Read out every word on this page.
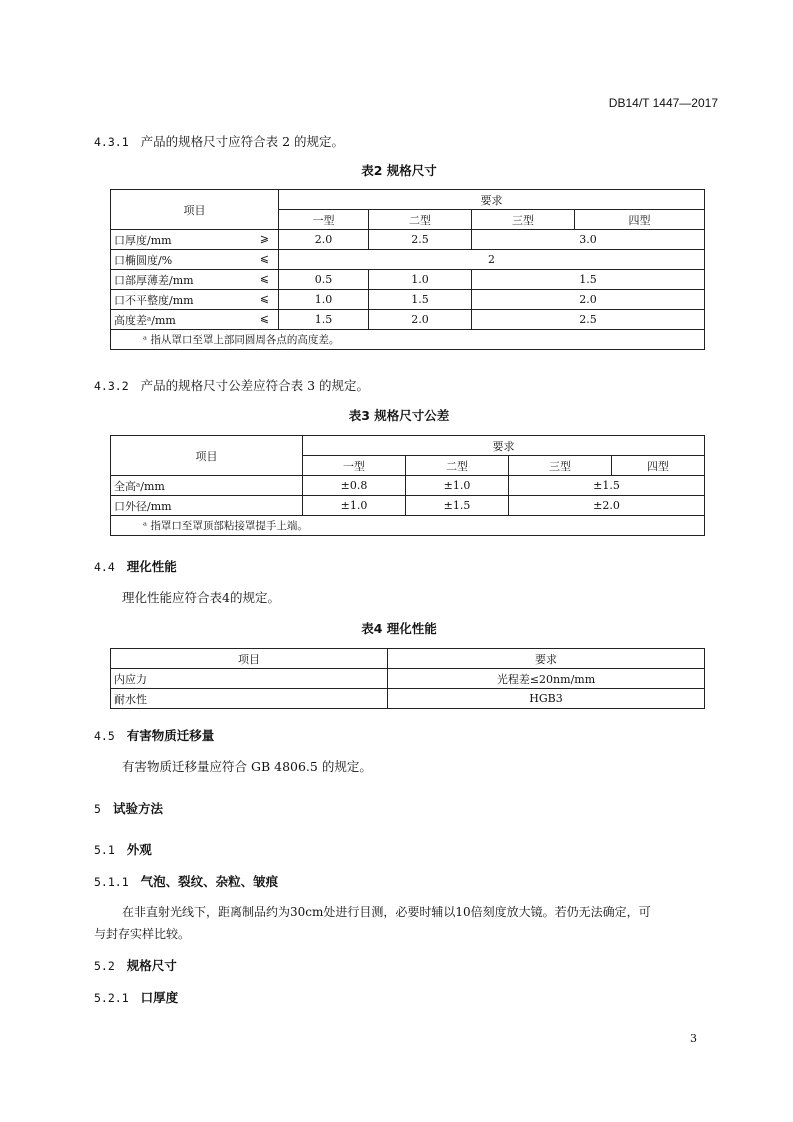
DB14/T 1447—2017
4.3.1 产品的规格尺寸应符合表 2 的规定。
表2 规格尺寸
项目	要求			
	一型	二型	三型	四型
口厚度/mm ⩾	2.0	2.5	3.0	
口椭圆度/% ⩽	2			
口部厚薄差/mm ⩽	0.5	1.0	1.5	
口不平整度/mm ⩽	1.0	1.5	2.0	
高度差ᵃ/mm ⩽	1.5	2.0	2.5	
ᵃ 指从罩口至罩上部同圆周各点的高度差。				
4.3.2 产品的规格尺寸公差应符合表 3 的规定。
表3 规格尺寸公差
项目	要求			
	一型	二型	三型	四型
全高ᵃ/mm	±0.8	±1.0	±1.5	
口外径/mm	±1.0	±1.5	±2.0	
ᵃ 指罩口至罩顶部粘接罩提手上端。				
4.4 理化性能
理化性能应符合表4的规定。
表4 理化性能
项目	要求
内应力	光程差≤20nm/mm
耐水性	HGB3
4.5 有害物质迁移量
有害物质迁移量应符合 GB 4806.5 的规定。
5 试验方法
5.1 外观
5.1.1 气泡、裂纹、杂粒、皱痕
在非直射光线下，距离制品约为30cm处进行目测，必要时辅以10倍刻度放大镜。若仍无法确定，可
与封存实样比较。
5.2 规格尺寸
5.2.1 口厚度
3
